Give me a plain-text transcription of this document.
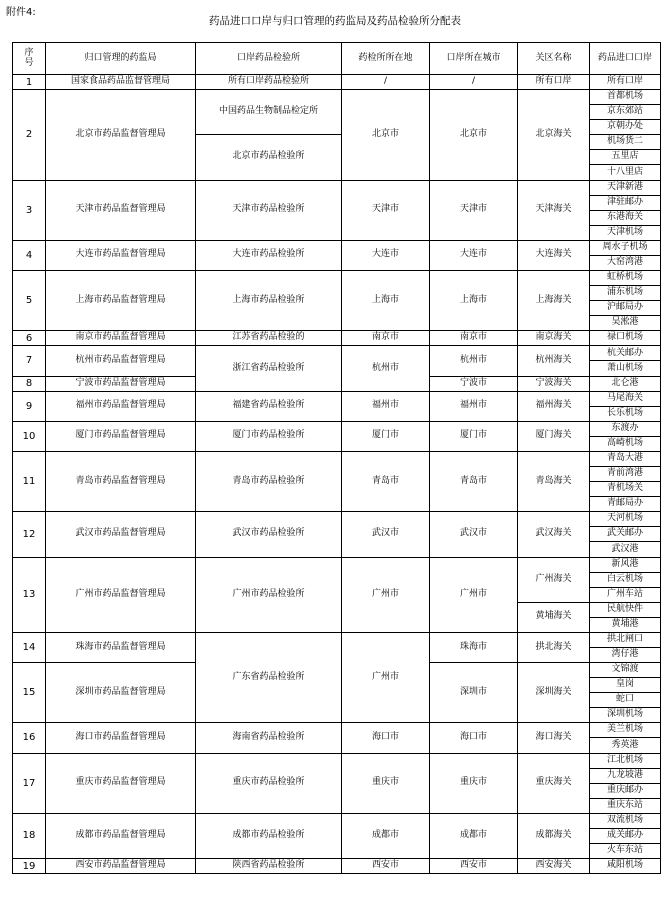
附件4:
药品进口口岸与归口管理的药监局及药品检验所分配表
序号	归口管理的药监局	口岸药品检验所	药检所所在地	口岸所在城市	关区名称	药品进口口岸
1	国家食品药品监督管理局	所有口岸药品检验所	/	/	所有口岸	所有口岸
2	北京市药品监督管理局	中国药品生物制品检定所	北京市	北京市	北京海关	首都机场
						京东郊站
						京朝办处
		北京市药品检验所				机场货二
						五里店
						十八里店
3	天津市药品监督管理局	天津市药品检验所	天津市	天津市	天津海关	天津新港
						津驻邮办
						东港海关
						天津机场
4	大连市药品监督管理局	大连市药品检验所	大连市	大连市	大连海关	周水子机场
						大窑湾港
5	上海市药品监督管理局	上海市药品检验所	上海市	上海市	上海海关	虹桥机场
						浦东机场
						沪邮局办
						吴淞港
6	南京市药品监督管理局	江苏省药品检验的	南京市	南京市	南京海关	禄口机场
7	杭州市药品监督管理局	浙江省药品检验所	杭州市	杭州市	杭州海关	杭关邮办
						萧山机场
8	宁波市药品监督管理局			宁波市	宁波海关	北仑港
9	福州市药品监督管理局	福建省药品检验所	福州市	福州市	福州海关	马尾海关
						长乐机场
10	厦门市药品监督管理局	厦门市药品检验所	厦门市	厦门市	厦门海关	东渡办
						高崎机场
11	青岛市药品监督管理局	青岛市药品检验所	青岛市	青岛市	青岛海关	青岛大港
						青前湾港
						青机场关
						青邮局办
12	武汉市药品监督管理局	武汉市药品检验所	武汉市	武汉市	武汉海关	天河机场
						武关邮办
						武汉港
13	广州市药品监督管理局	广州市药品检验所	广州市	广州市	广州海关	新风港
						白云机场
						广州车站
					黄埔海关	民航快件
						黄埔港
14	珠海市药品监督管理局	广东省药品检验所	广州市	珠海市	拱北海关	拱北闸口
						湾仔港
15	深圳市药品监督管理局			深圳市	深圳海关	文锦渡

						皇岗
						蛇口
						深圳机场
16	海口市药品监督管理局	海南省药品检验所	海口市	海口市	海口海关	美兰机场
						秀英港
17	重庆市药品监督管理局	重庆市药品检验所	重庆市	重庆市	重庆海关	江北机场
						九龙坡港
						重庆邮办
						重庆东站
18	成都市药品监督管理局	成都市药品检验所	成都市	成都市	成都海关	双流机场
						成关邮办
						火车东站
19	西安市药品监督管理局	陕西省药品检验所	西安市	西安市	西安海关	咸阳机场
